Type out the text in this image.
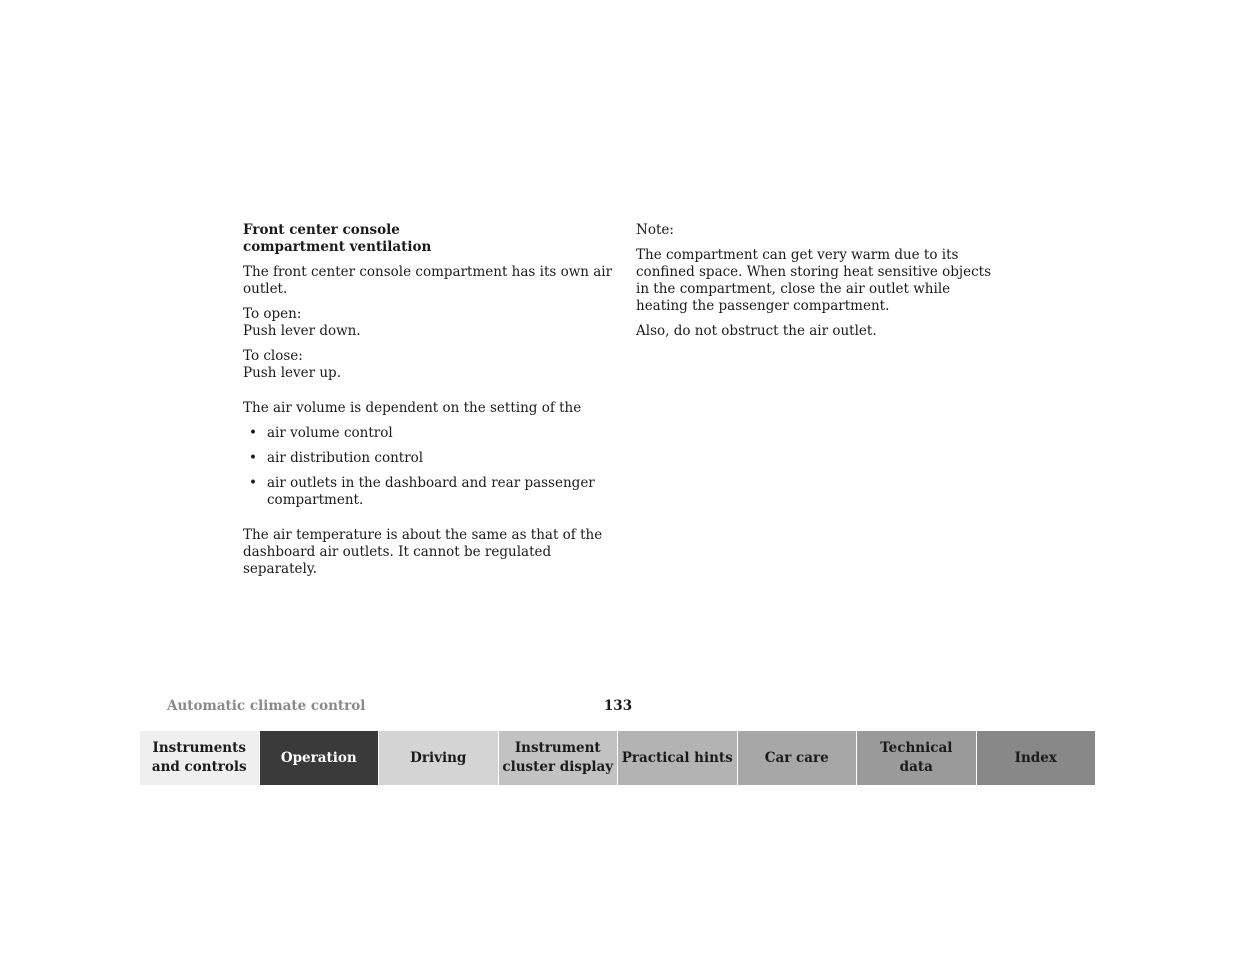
Front center console
compartment ventilation

The front center console compartment has its own air outlet.

To open:

Push lever down.

To close:

Push lever up.

The air volume is dependent on the setting of the

• air volume control
• air distribution control
• air outlets in the dashboard and rear passenger compartment.

The air temperature is about the same as that of the dashboard air outlets. It cannot be regulated separately.

Note:

The compartment can get very warm due to its confined space. When storing heat sensitive objects in the compartment, close the air outlet while heating the passenger compartment.

Also, do not obstruct the air outlet.

Automatic climate control	133
Instruments
and controls
Operation	Driving
Instrument
cluster display
Practical hints Car care
Technical
data
Index
